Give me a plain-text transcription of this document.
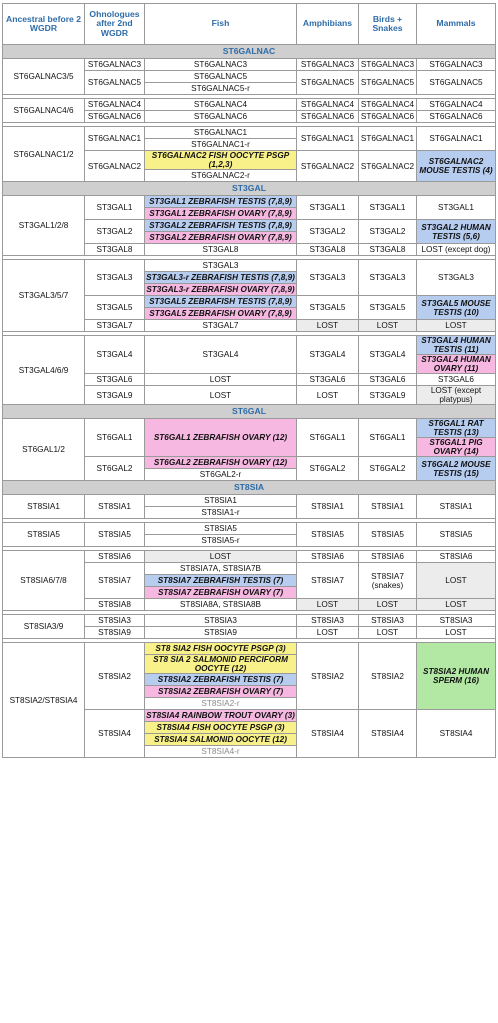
Ancestral before 2 WGDR	Ohnologues after 2nd WGDR	Fish	Amphibians	Birds + Snakes	Mammals
ST6GALNAC					
ST6GALNAC3/5	ST6GALNAC3	ST6GALNAC3	ST6GALNAC3	ST6GALNAC3	ST6GALNAC3
	ST6GALNAC5	ST6GALNAC5	ST6GALNAC5	ST6GALNAC5	ST6GALNAC5

		ST6GALNAC5-r			

ST6GALNAC4/6	ST6GALNAC4	ST6GALNAC4	ST6GALNAC4	ST6GALNAC4	ST6GALNAC4
	ST6GALNAC6	ST6GALNAC6	ST6GALNAC6	ST6GALNAC6	ST6GALNAC6

ST6GALNAC1/2	ST6GALNAC1	ST6GALNAC1	ST6GALNAC1	ST6GALNAC1	ST6GALNAC1

		ST6GALNAC1-r			

	ST6GALNAC2	ST6GALNAC2 FISH OOCYTE PSGP (1,2,3)	ST6GALNAC2	ST6GALNAC2	ST6GALNAC2 MOUSE TESTIS (4)

		ST6GALNAC2-r			

ST3GAL					
ST3GAL1/2/8	ST3GAL1	ST3GAL1 ZEBRAFISH TESTIS (7,8,9)	ST3GAL1	ST3GAL1	ST3GAL1

		ST3GAL1 ZEBRAFISH OVARY (7,8,9)			

	ST3GAL2	ST3GAL2 ZEBRAFISH TESTIS (7,8,9)	ST3GAL2	ST3GAL2	ST3GAL2 HUMAN TESTIS (5,6)

		ST3GAL2 ZEBRAFISH OVARY (7,8,9)			

	ST3GAL8	ST3GAL8	ST3GAL8	ST3GAL8	LOST (except dog)

ST3GAL3/5/7	ST3GAL3	ST3GAL3	ST3GAL3	ST3GAL3	ST3GAL3

		ST3GAL3-r ZEBRAFISH TESTIS (7,8,9)			

		ST3GAL3-r ZEBRAFISH OVARY (7,8,9)			

	ST3GAL5	ST3GAL5 ZEBRAFISH TESTIS (7,8,9)	ST3GAL5	ST3GAL5	ST3GAL5 MOUSE TESTIS (10)

		ST3GAL5 ZEBRAFISH OVARY (7,8,9)			

	ST3GAL7	ST3GAL7	LOST	LOST	LOST

ST3GAL4/6/9	ST3GAL4	ST3GAL4	ST3GAL4	ST3GAL4	ST3GAL4 HUMAN TESTIS (11)

					ST3GAL4 HUMAN OVARY (11)

	ST3GAL6	LOST	ST3GAL6	ST3GAL6	ST3GAL6
	ST3GAL9	LOST	LOST	ST3GAL9	LOST (except platypus)
ST6GAL					
ST6GAL1/2	ST6GAL1	ST6GAL1 ZEBRAFISH OVARY (12)	ST6GAL1	ST6GAL1	ST6GAL1 RAT TESTIS (13)

					ST6GAL1 PIG OVARY (14)

	ST6GAL2	ST6GAL2 ZEBRAFISH OVARY (12)	ST6GAL2	ST6GAL2	ST6GAL2 MOUSE TESTIS (15)

		ST6GAL2-r			

ST8SIA					
ST8SIA1	ST8SIA1	ST8SIA1	ST8SIA1	ST8SIA1	ST8SIA1

		ST8SIA1-r			

ST8SIA5	ST8SIA5	ST8SIA5	ST8SIA5	ST8SIA5	ST8SIA5

		ST8SIA5-r			

ST8SIA6/7/8	ST8SIA6	LOST	ST8SIA6	ST8SIA6	ST8SIA6
	ST8SIA7	ST8SIA7A, ST8SIA7B	ST8SIA7	ST8SIA7 (snakes)	LOST

		ST8SIA7 ZEBRAFISH TESTIS (7)			

		ST8SIA7 ZEBRAFISH OVARY (7)			

	ST8SIA8	ST8SIA8A, ST8SIA8B	LOST	LOST	LOST

ST8SIA3/9	ST8SIA3	ST8SIA3	ST8SIA3	ST8SIA3	ST8SIA3
	ST8SIA9	ST8SIA9	LOST	LOST	LOST

ST8SIA2/ST8SIA4	ST8SIA2	ST8 SIA2 FISH OOCYTE PSGP (3)	ST8SIA2	ST8SIA2	ST8SIA2 HUMAN SPERM (16)

		ST8 SIA 2 SALMONID PERCIFORM OOCYTE (12)			

		ST8SIA2 ZEBRAFISH TESTIS (7)			

		ST8SIA2 ZEBRAFISH OVARY (7)			

		ST8SIA2-r			

	ST8SIA4	ST8SIA4 RAINBOW TROUT OVARY (3)	ST8SIA4	ST8SIA4	ST8SIA4

		ST8SIA4 FISH OOCYTE PSGP (3)			

		ST8SIA4 SALMONID OOCYTE (12)			

		ST8SIA4-r			
